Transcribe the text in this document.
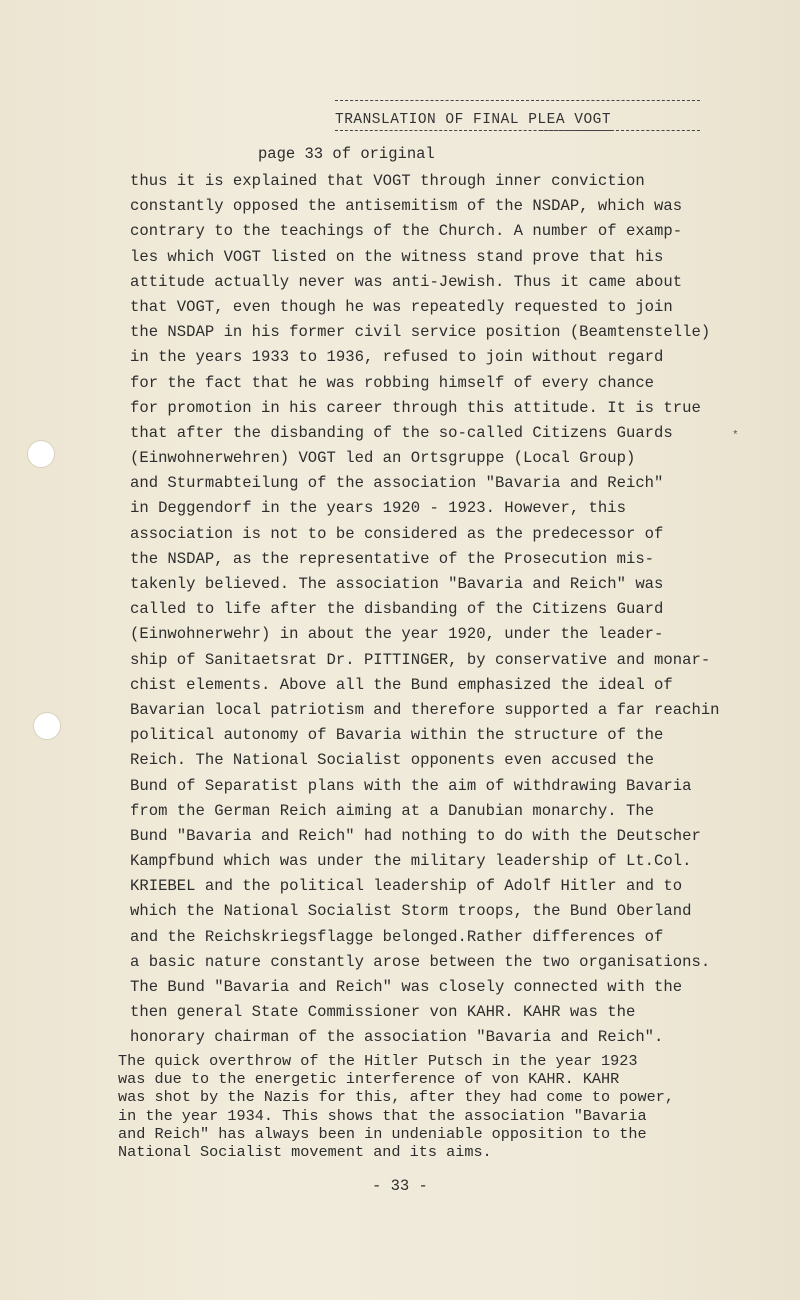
TRANSLATION OF FINAL PLEA VOGT
page 33 of original
thus it is explained that VOGT through inner conviction
constantly opposed the antisemitism of the NSDAP, which was
contrary to the teachings of the Church. A number of examp-
les which VOGT listed on the witness stand prove that his
attitude actually never was anti-Jewish. Thus it came about
that VOGT, even though he was repeatedly requested to join
the NSDAP in his former civil service position (Beamtenstelle)
in the years 1933 to 1936, refused to join without regard
for the fact that he was robbing himself of every chance
for promotion in his career through this attitude. It is true
that after the disbanding of the so-called Citizens Guards
(Einwohnerwehren) VOGT led an Ortsgruppe (Local Group)
and Sturmabteilung of the association "Bavaria and Reich"
in Deggendorf in the years 1920 - 1923. However, this
association is not to be considered as the predecessor of
the NSDAP, as the representative of the Prosecution mis-
takenly believed. The association "Bavaria and Reich" was
called to life after the disbanding of the Citizens Guard
(Einwohnerwehr) in about the year 1920, under the leader-
ship of Sanitaetsrat Dr. PITTINGER, by conservative and monar-
chist elements. Above all the Bund emphasized the ideal of
Bavarian local patriotism and therefore supported a far reachin
political autonomy of Bavaria within the structure of the
Reich. The National Socialist opponents even accused the
Bund of Separatist plans with the aim of withdrawing Bavaria
from the German Reich aiming at a Danubian monarchy. The
Bund "Bavaria and Reich" had nothing to do with the Deutscher
Kampfbund which was under the military leadership of Lt.Col.
KRIEBEL and the political leadership of Adolf Hitler and to
which the National Socialist Storm troops, the Bund Oberland
and the Reichskriegsflagge belonged.Rather differences of
a basic nature constantly arose between the two organisations.
The Bund "Bavaria and Reich" was closely connected with the
then general State Commissioner von KAHR. KAHR was the
honorary chairman of the association "Bavaria and Reich".
*
The quick overthrow of the Hitler Putsch in the year 1923
was due to the energetic interference of von KAHR. KAHR
was shot by the Nazis for this, after they had come to power,
in the year 1934. This shows that the association "Bavaria
and Reich" has always been in undeniable opposition to the
National Socialist movement and its aims.
- 33 -
